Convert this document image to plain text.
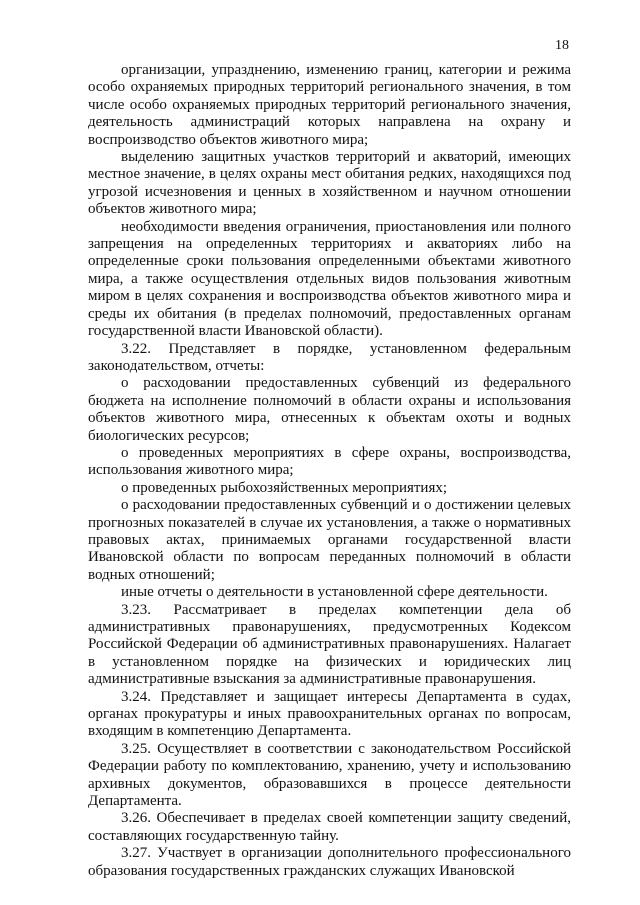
18

организации, упразднению, изменению границ, категории и режима особо охраняемых природных территорий регионального значения, в том числе особо охраняемых природных территорий регионального значения, деятельность администраций которых направлена на охрану и воспроизводство объектов животного мира;

выделению защитных участков территорий и акваторий, имеющих местное значение, в целях охраны мест обитания редких, находящихся под угрозой исчезновения и ценных в хозяйственном и научном отношении объектов животного мира;

необходимости введения ограничения, приостановления или полного запрещения на определенных территориях и акваториях либо на определенные сроки пользования определенными объектами животного мира, а также осуществления отдельных видов пользования животным миром в целях сохранения и воспроизводства объектов животного мира и среды их обитания (в пределах полномочий, предоставленных органам государственной власти Ивановской области).

3.22. Представляет в порядке, установленном федеральным законодательством, отчеты:

о расходовании предоставленных субвенций из федерального бюджета на исполнение полномочий в области охраны и использования объектов животного мира, отнесенных к объектам охоты и водных биологических ресурсов;

о проведенных мероприятиях в сфере охраны, воспроизводства, использования животного мира;

о проведенных рыбохозяйственных мероприятиях;

о расходовании предоставленных субвенций и о достижении целевых прогнозных показателей в случае их установления, а также о нормативных правовых актах, принимаемых органами государственной власти Ивановской области по вопросам переданных полномочий в области водных отношений;

иные отчеты о деятельности в установленной сфере деятельности.

3.23. Рассматривает в пределах компетенции дела об административных правонарушениях, предусмотренных Кодексом Российской Федерации об административных правонарушениях. Налагает в установленном порядке на физических и юридических лиц административные взыскания за административные правонарушения.

3.24. Представляет и защищает интересы Департамента в судах, органах прокуратуры и иных правоохранительных органах по вопросам, входящим в компетенцию Департамента.

3.25. Осуществляет в соответствии с законодательством Российской Федерации работу по комплектованию, хранению, учету и использованию архивных документов, образовавшихся в процессе деятельности Департамента.

3.26. Обеспечивает в пределах своей компетенции защиту сведений, составляющих государственную тайну.

3.27. Участвует в организации дополнительного профессионального образования государственных гражданских служащих Ивановской
